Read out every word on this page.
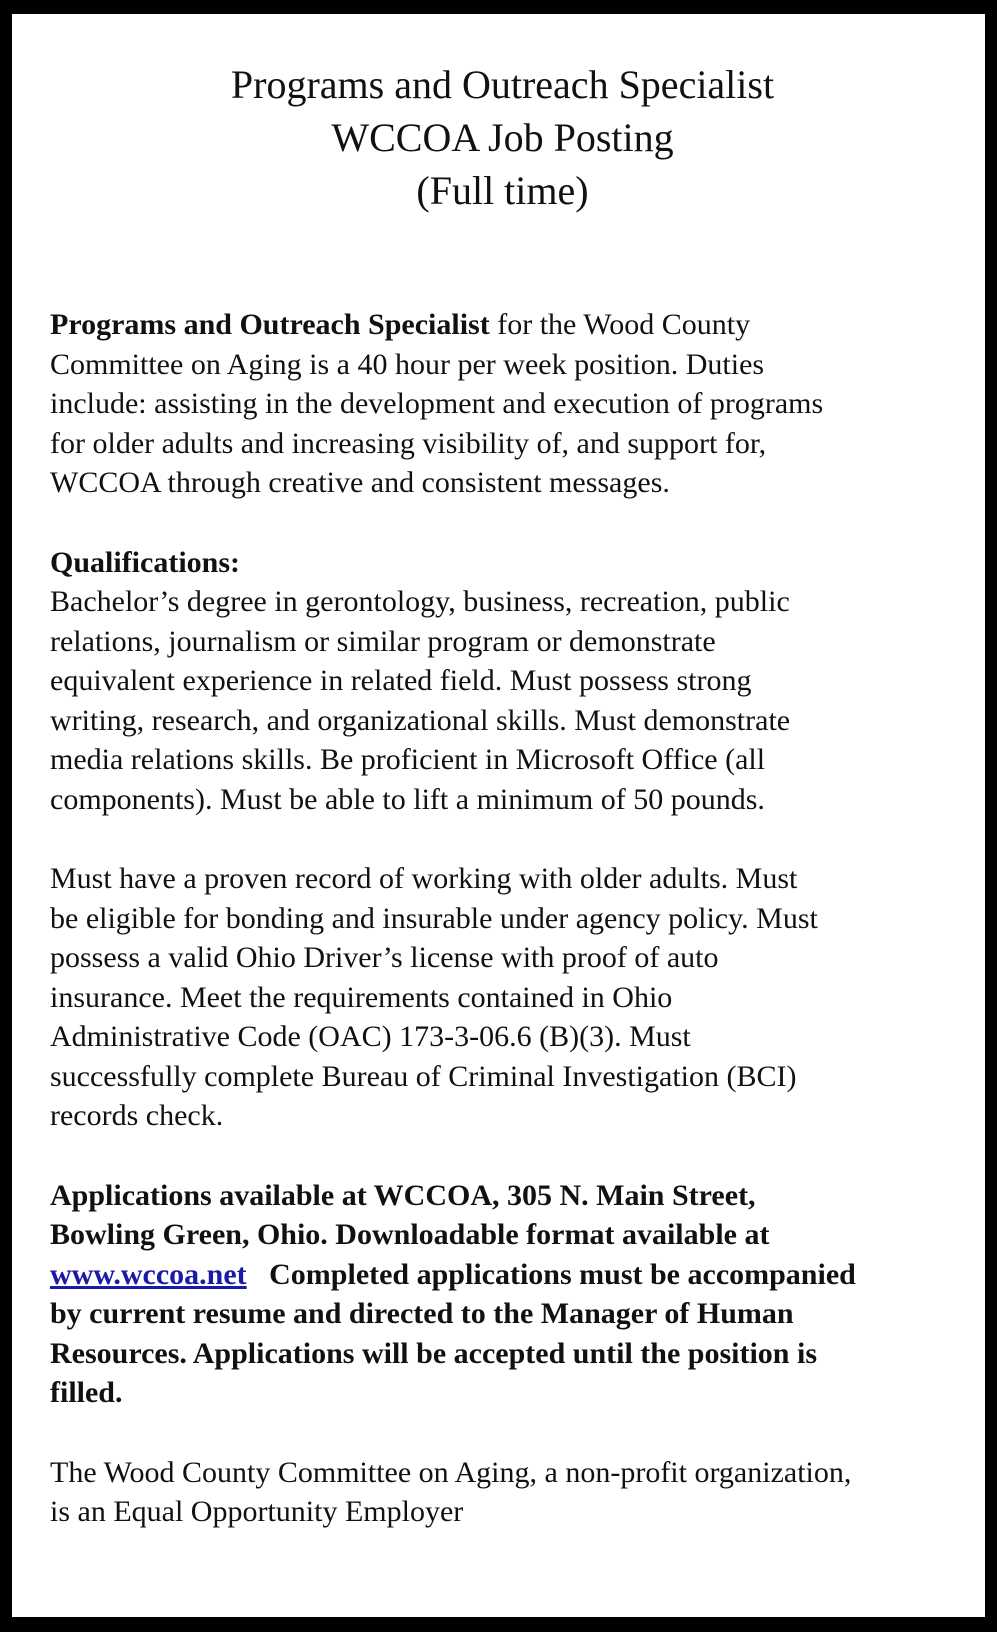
Programs and Outreach Specialist
WCCOA Job Posting
(Full time)
Programs and Outreach Specialist for the Wood County
Committee on Aging is a 40 hour per week position. Duties
include: assisting in the development and execution of programs
for older adults and increasing visibility of, and support for,
WCCOA through creative and consistent messages.
Qualifications:
Bachelor’s degree in gerontology, business, recreation, public
relations, journalism or similar program or demonstrate
equivalent experience in related field. Must possess strong
writing, research, and organizational skills. Must demonstrate
media relations skills. Be proficient in Microsoft Office (all
components). Must be able to lift a minimum of 50 pounds.
Must have a proven record of working with older adults. Must
be eligible for bonding and insurable under agency policy. Must
possess a valid Ohio Driver’s license with proof of auto
insurance. Meet the requirements contained in Ohio
Administrative Code (OAC) 173-3-06.6 (B)(3). Must
successfully complete Bureau of Criminal Investigation (BCI)
records check.
Applications available at WCCOA, 305 N. Main Street,
Bowling Green, Ohio. Downloadable format available at
www.wccoa.net   Completed applications must be accompanied
by current resume and directed to the Manager of Human
Resources. Applications will be accepted until the position is
filled.
The Wood County Committee on Aging, a non-profit organization,
is an Equal Opportunity Employer
